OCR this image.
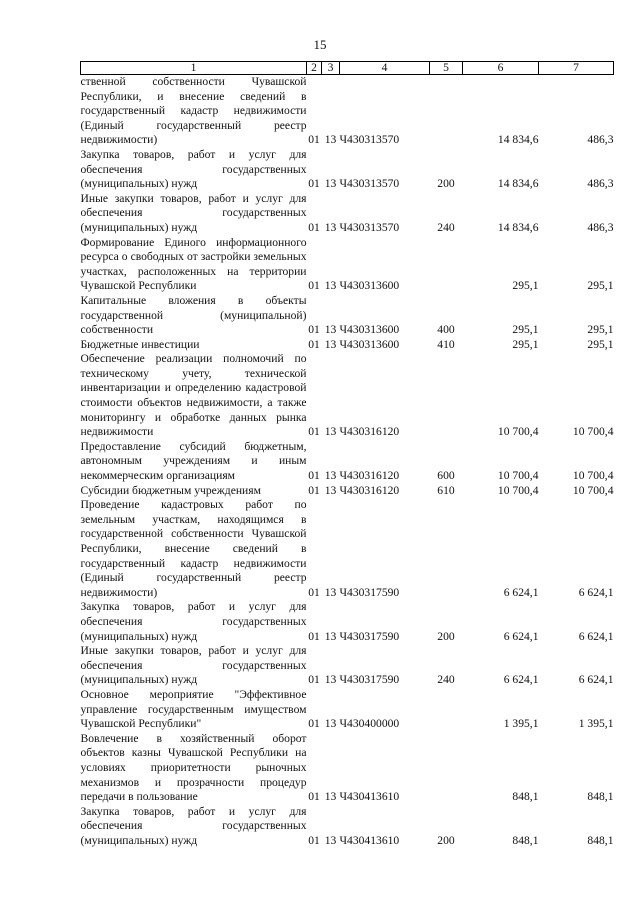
15
1	2	3	4	5	6	7
ственной собственности Чувашской Республики, и внесение сведений в государственный кадастр недвижимости (Единый государственный реестр недвижимости)	01	13	Ч430313570		14 834,6	486,3
Закупка товаров, работ и услуг для обеспечения государственных (муниципальных) нужд	01	13	Ч430313570	200	14 834,6	486,3
Иные закупки товаров, работ и услуг для обеспечения государственных (муниципальных) нужд	01	13	Ч430313570	240	14 834,6	486,3
Формирование Единого информационного ресурса о свободных от застройки земельных участках, расположенных на территории Чувашской Республики	01	13	Ч430313600		295,1	295,1
Капитальные вложения в объекты государственной (муниципальной) собственности	01	13	Ч430313600	400	295,1	295,1
Бюджетные инвестиции	01	13	Ч430313600	410	295,1	295,1
Обеспечение реализации полномочий по техническому учету, технической инвентаризации и определению кадастровой стоимости объектов недвижимости, а также мониторингу и обработке данных рынка недвижимости	01	13	Ч430316120		10 700,4	10 700,4
Предоставление субсидий бюджетным, автономным учреждениям и иным некоммерческим организациям	01	13	Ч430316120	600	10 700,4	10 700,4
Субсидии бюджетным учреждениям	01	13	Ч430316120	610	10 700,4	10 700,4
Проведение кадастровых работ по земельным участкам, находящимся в государственной собственности Чувашской Республики, внесение сведений в государственный кадастр недвижимости (Единый государственный реестр недвижимости)	01	13	Ч430317590		6 624,1	6 624,1
Закупка товаров, работ и услуг для обеспечения государственных (муниципальных) нужд	01	13	Ч430317590	200	6 624,1	6 624,1
Иные закупки товаров, работ и услуг для обеспечения государственных (муниципальных) нужд	01	13	Ч430317590	240	6 624,1	6 624,1
Основное мероприятие "Эффективное управление государственным имуществом Чувашской Республики"	01	13	Ч430400000		1 395,1	1 395,1
Вовлечение в хозяйственный оборот объектов казны Чувашской Республики на условиях приоритетности рыночных механизмов и прозрачности процедур передачи в пользование	01	13	Ч430413610		848,1	848,1
Закупка товаров, работ и услуг для обеспечения государственных (муниципальных) нужд	01	13	Ч430413610	200	848,1	848,1
